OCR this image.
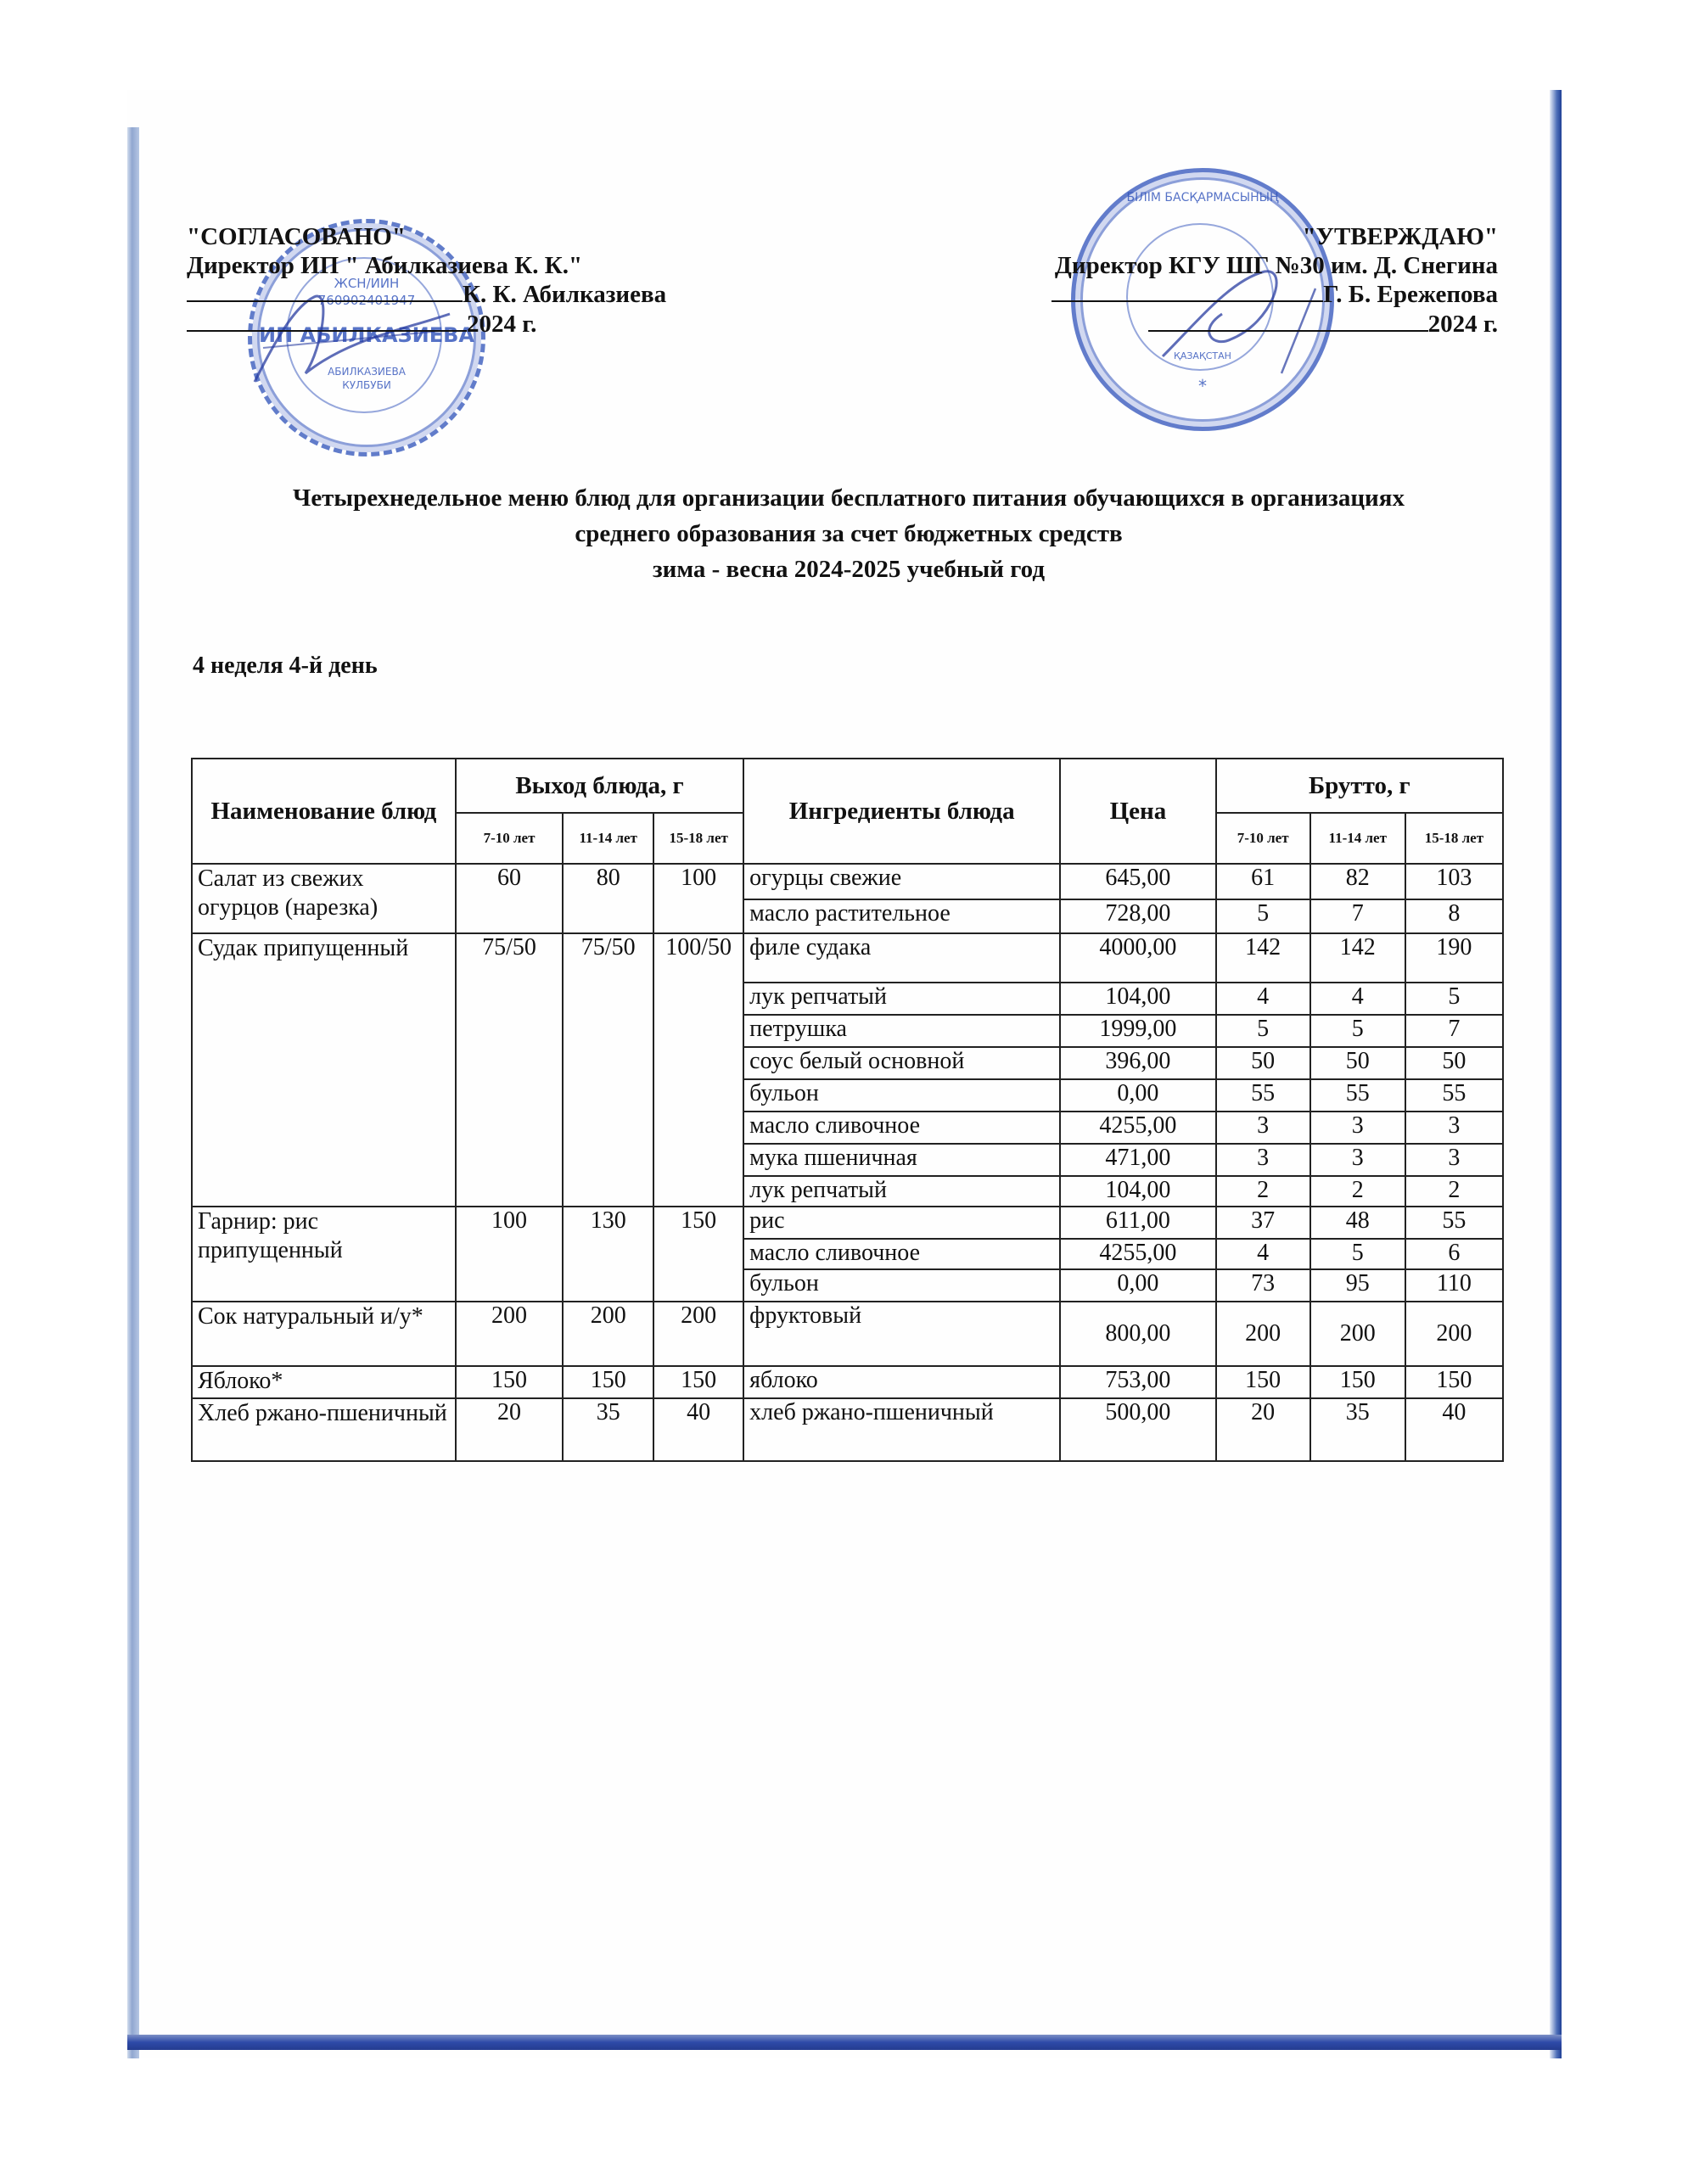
ЖСН/ИИН
760902401947
ИП АБИЛКАЗИЕВА
АБИЛКАЗИЕВА
КУЛБУБИ
БІЛІМ БАСҚАРМАСЫНЫҢ
ҚАЗАҚСТАН
*
"СОГЛАСОВАНО"
Директор ИП " Абилказиева К. К."
К. К. Абилказиева
2024 г.
"УТВЕРЖДАЮ"
Директор КГУ ШГ №30 им. Д. Снегина
Г. Б. Ережепова
2024 г.
Четырехнедельное меню блюд для организации бесплатного питания обучающихся в организациях
среднего образования за счет бюджетных средств
зима - весна 2024-2025 учебный год
4 неделя 4-й день
Наименование блюд	Выход блюда, г			Ингредиенты блюда	Цена	Брутто, г		
	7-10 лет	11-14 лет	15-18 лет			7-10 лет	11-14 лет	15-18 лет
Салат из свежих огурцов (нарезка)	60	80	100	огурцы свежие	645,00	61	82	103
				масло растительное	728,00	5	7	8
Судак припущенный	75/50	75/50	100/50	филе судака	4000,00	142	142	190
				лук репчатый	104,00	4	4	5
				петрушка	1999,00	5	5	7
				соус белый основной	396,00	50	50	50
				бульон	0,00	55	55	55
				масло сливочное	4255,00	3	3	3
				мука пшеничная	471,00	3	3	3
				лук репчатый	104,00	2	2	2
Гарнир: рис припущенный	100	130	150	рис	611,00	37	48	55
				масло сливочное	4255,00	4	5	6
				бульон	0,00	73	95	110
Сок натуральный и/у*	200	200	200	фруктовый	800,00	200	200	200
Яблоко*	150	150	150	яблоко	753,00	150	150	150
Хлеб ржано-пшеничный	20	35	40	хлеб ржано-пшеничный	500,00	20	35	40
